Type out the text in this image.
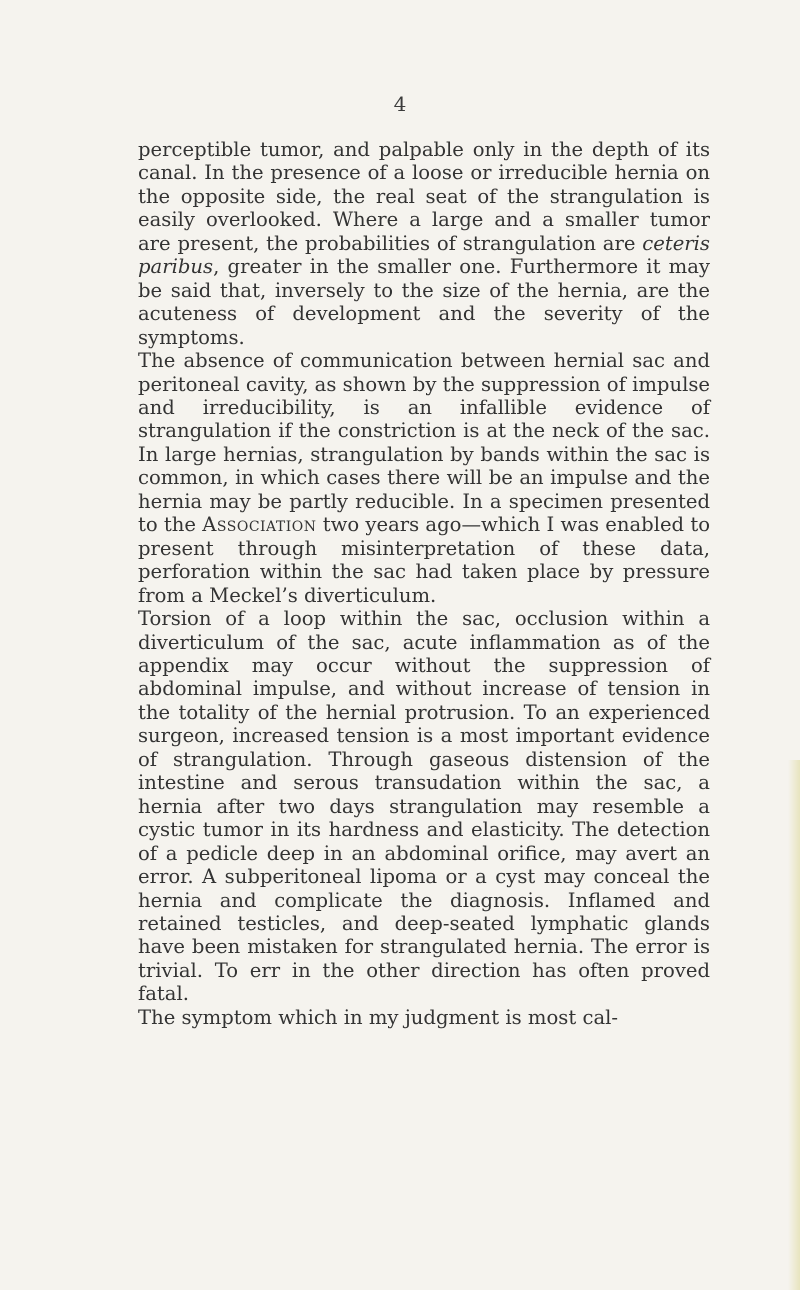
4

perceptible tumor, and palpable only in the depth of its canal. In the presence of a loose or irreducible hernia on the opposite side, the real seat of the strangulation is easily overlooked. Where a large and a smaller tumor are present, the probabilities of strangulation are ceteris paribus, greater in the smaller one. Furthermore it may be said that, inversely to the size of the hernia, are the acuteness of development and the severity of the symptoms.

The absence of communication between hernial sac and peritoneal cavity, as shown by the suppression of impulse and irreducibility, is an infallible evidence of strangulation if the constriction is at the neck of the sac. In large hernias, strangulation by bands within the sac is common, in which cases there will be an impulse and the hernia may be partly reducible. In a specimen presented to the Association two years ago—which I was enabled to present through misinterpretation of these data, perforation within the sac had taken place by pressure from a Meckel’s diverticulum.

Torsion of a loop within the sac, occlusion within a diverticulum of the sac, acute inflammation as of the appendix may occur without the suppression of abdominal impulse, and without increase of tension in the totality of the hernial protrusion. To an experienced surgeon, increased tension is a most important evidence of strangulation. Through gaseous distension of the intestine and serous transudation within the sac, a hernia after two days strangulation may resemble a cystic tumor in its hardness and elasticity. The detection of a pedicle deep in an abdominal orifice, may avert an error. A subperitoneal lipoma or a cyst may conceal the hernia and complicate the diagnosis. Inflamed and retained testicles, and deep-seated lymphatic glands have been mistaken for strangulated hernia. The error is trivial. To err in the other direction has often proved fatal.

The symptom which in my judgment is most cal-
